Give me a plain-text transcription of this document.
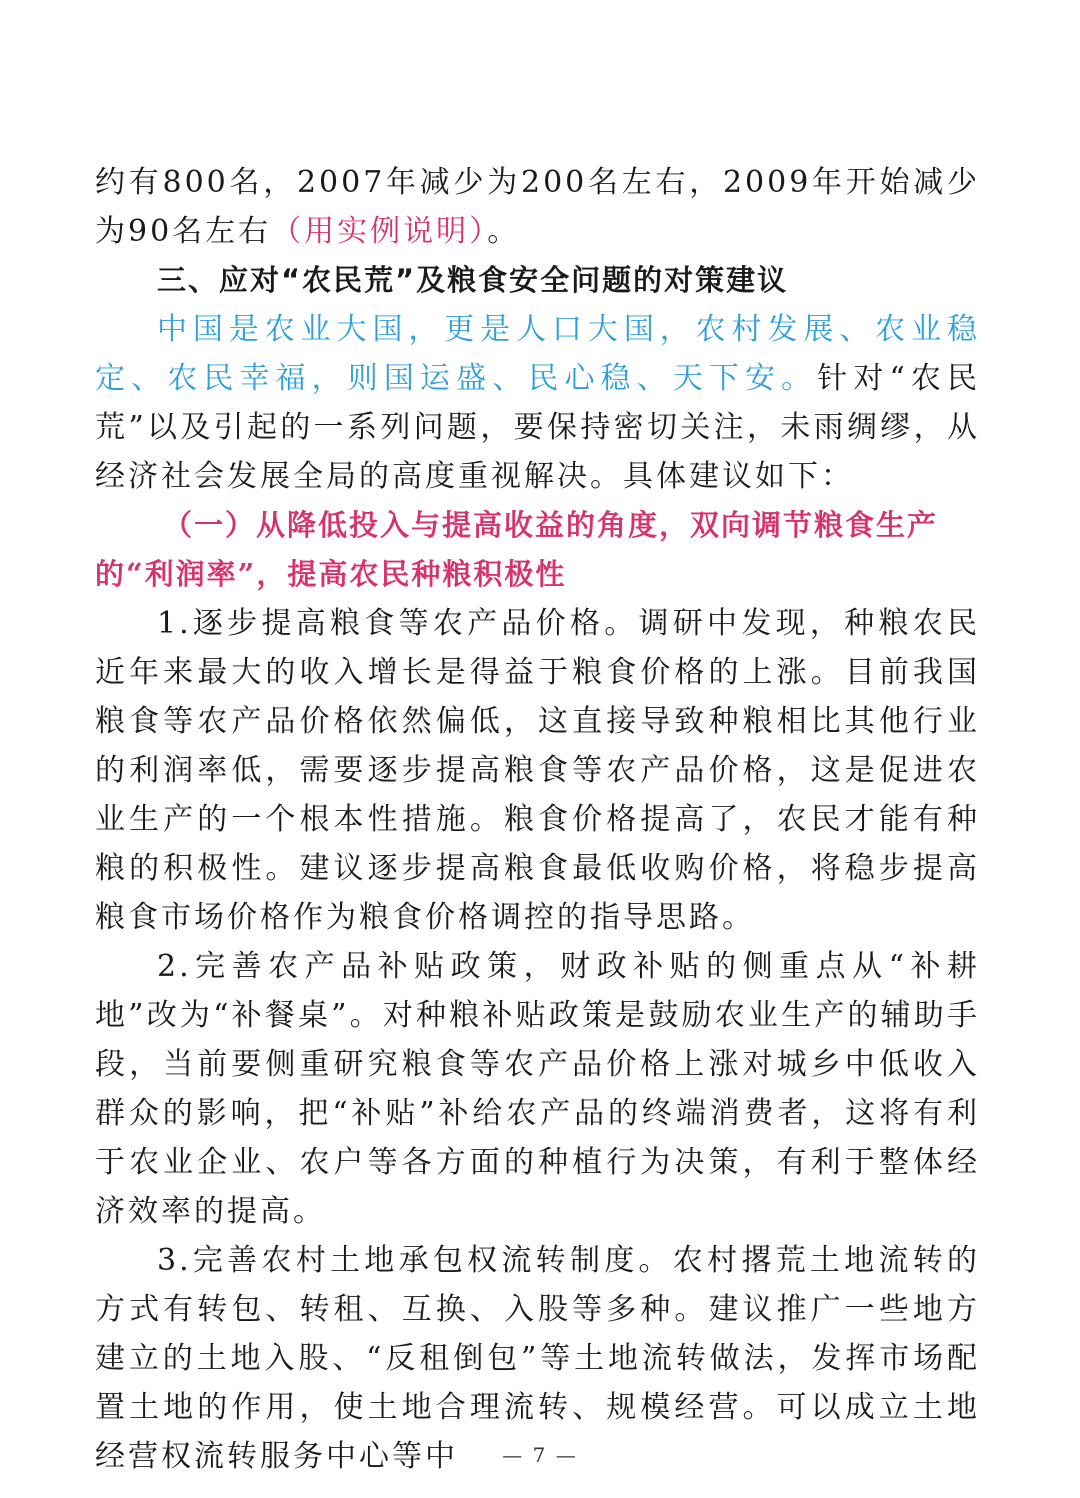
约有800名，2007年减少为200名左右，2009年开始减少为90名左右（用实例说明）。

三、应对“农民荒”及粮食安全问题的对策建议

中国是农业大国，更是人口大国，农村发展、农业稳定、农民幸福，则国运盛、民心稳、天下安。针对“农民荒”以及引起的一系列问题，要保持密切关注，未雨绸缪，从经济社会发展全局的高度重视解决。具体建议如下：

（一）从降低投入与提高收益的角度，双向调节粮食生产的“利润率”，提高农民种粮积极性

1.逐步提高粮食等农产品价格。调研中发现，种粮农民近年来最大的收入增长是得益于粮食价格的上涨。目前我国粮食等农产品价格依然偏低，这直接导致种粮相比其他行业的利润率低，需要逐步提高粮食等农产品价格，这是促进农业生产的一个根本性措施。粮食价格提高了，农民才能有种粮的积极性。建议逐步提高粮食最低收购价格，将稳步提高粮食市场价格作为粮食价格调控的指导思路。

2.完善农产品补贴政策，财政补贴的侧重点从“补耕地”改为“补餐桌”。对种粮补贴政策是鼓励农业生产的辅助手段，当前要侧重研究粮食等农产品价格上涨对城乡中低收入群众的影响，把“补贴”补给农产品的终端消费者，这将有利于农业企业、农户等各方面的种植行为决策，有利于整体经济效率的提高。

3.完善农村土地承包权流转制度。农村撂荒土地流转的方式有转包、转租、互换、入股等多种。建议推广一些地方建立的土地入股、“反租倒包”等土地流转做法，发挥市场配置土地的作用，使土地合理流转、规模经营。可以成立土地经营权流转服务中心等中	— 7 —
